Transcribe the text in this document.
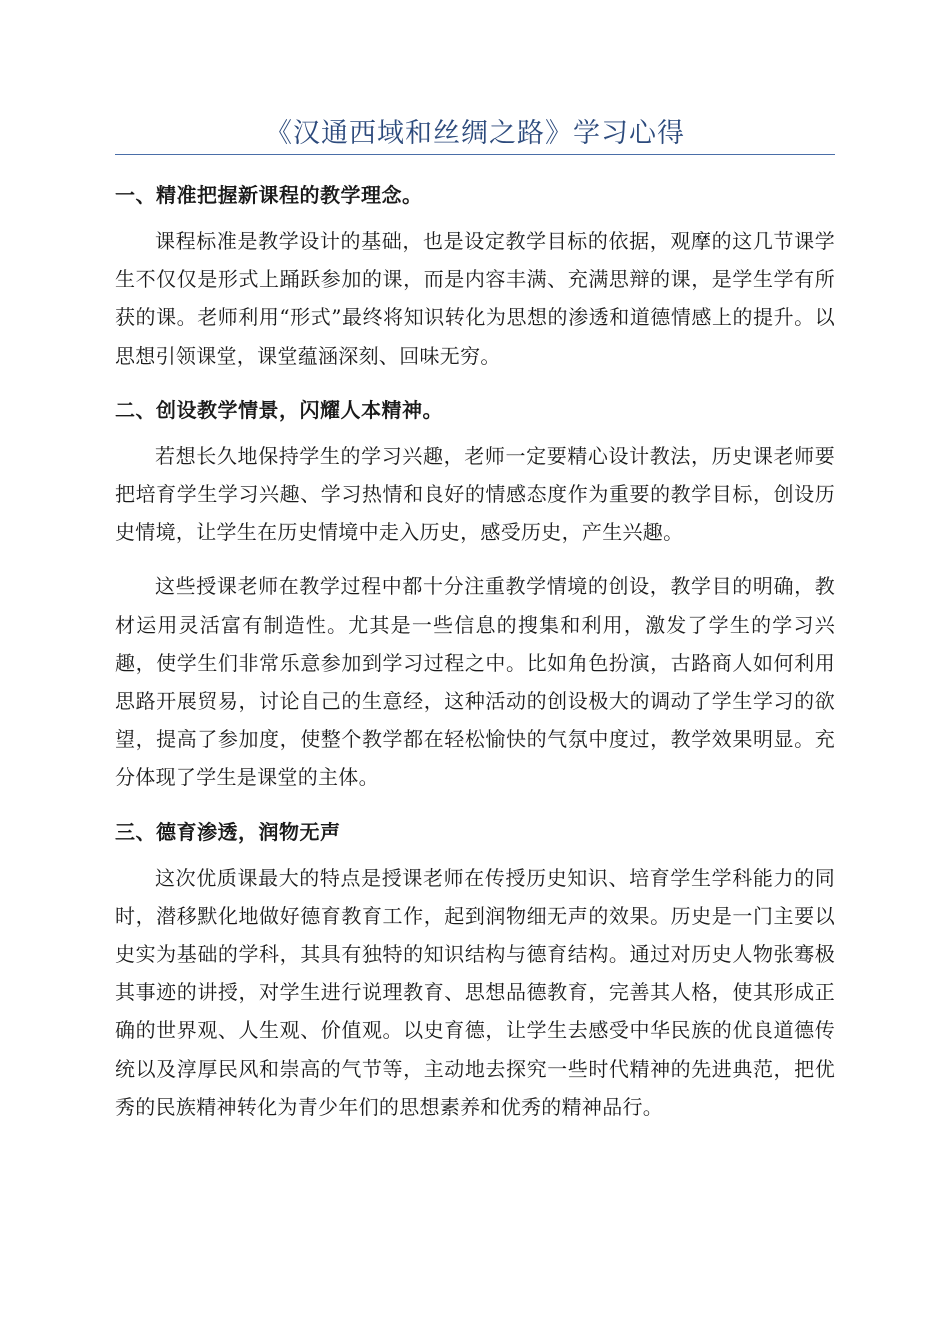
《汉通西域和丝绸之路》学习心得

一、精准把握新课程的教学理念。

课程标准是教学设计的基础，也是设定教学目标的依据，观摩的这几节课学生不仅仅是形式上踊跃参加的课，而是内容丰满、充满思辩的课，是学生学有所获的课。老师利用“形式”最终将知识转化为思想的渗透和道德情感上的提升。以思想引领课堂，课堂蕴涵深刻、回味无穷。

二、创设教学情景，闪耀人本精神。

若想长久地保持学生的学习兴趣，老师一定要精心设计教法，历史课老师要把培育学生学习兴趣、学习热情和良好的情感态度作为重要的教学目标，创设历史情境，让学生在历史情境中走入历史，感受历史，产生兴趣。

这些授课老师在教学过程中都十分注重教学情境的创设，教学目的明确，教材运用灵活富有制造性。尤其是一些信息的搜集和利用，激发了学生的学习兴趣，使学生们非常乐意参加到学习过程之中。比如角色扮演，古路商人如何利用思路开展贸易，讨论自己的生意经，这种活动的创设极大的调动了学生学习的欲望，提高了参加度，使整个教学都在轻松愉快的气氛中度过，教学效果明显。充分体现了学生是课堂的主体。

三、德育渗透，润物无声

这次优质课最大的特点是授课老师在传授历史知识、培育学生学科能力的同时，潜移默化地做好德育教育工作，起到润物细无声的效果。历史是一门主要以史实为基础的学科，其具有独特的知识结构与德育结构。通过对历史人物张骞极其事迹的讲授，对学生进行说理教育、思想品德教育，完善其人格，使其形成正确的世界观、人生观、价值观。以史育德，让学生去感受中华民族的优良道德传统以及淳厚民风和崇高的气节等，主动地去探究一些时代精神的先进典范，把优秀的民族精神转化为青少年们的思想素养和优秀的精神品行。
